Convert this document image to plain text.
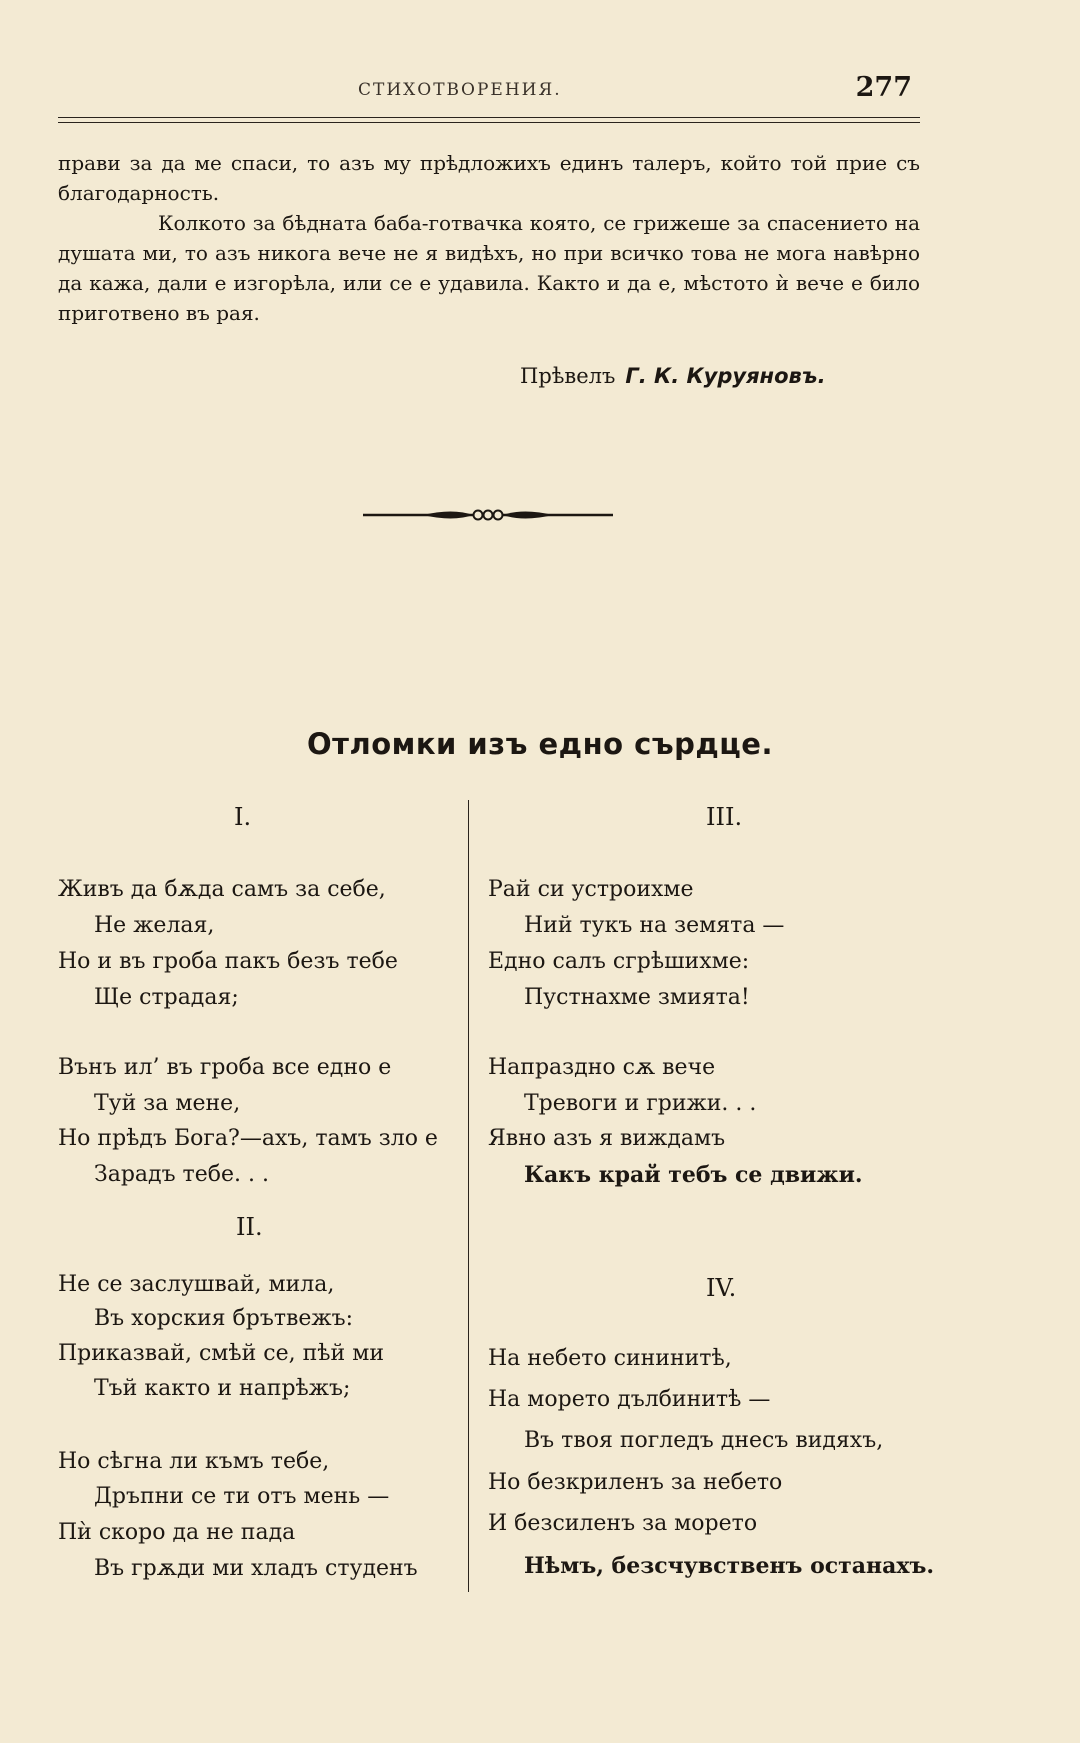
СТИХОТВОРЕНИЯ.	277

прави за да ме спаси, то азъ му прѣдложихъ единъ талеръ, който той прие съ благодарность.

Колкото за бѣдната баба-готвачка която, се грижеше за спасението на душата ми, то азъ никога вече не я видѣхъ, но при всичко това не мога навѣрно да кажа, дали е изгорѣла, или се е удавила. Както и да е, мѣстото ѝ вече е било приготвено въ рая.

Прѣвелъ Г. К. Куруяновъ.
Отломки изъ едно сърдце.
I.
Живъ да бѫда самъ за себе,
Не желая,
Но и въ гроба пакъ безъ тебе
Ще страдая;
Вънъ ил’ въ гроба все едно е
Туй за мене,
Но прѣдъ Бога?—ахъ, тамъ зло е
Зарадъ тебе. . .
II.
Не се заслушвай, мила,
Въ хорския брътвежъ:
Приказвай, смѣй се, пѣй ми
Тъй както и напрѣжъ;
Но сѣгна ли къмъ тебе,
Дръпни се ти отъ мень —
Пѝ скоро да не пада
Въ грѫди ми хладъ студенъ
III.
Рай си устроихме
Ний тукъ на земята —
Едно салъ сгрѣшихме:
Пустнахме змията!
Напраздно сѫ вече
Тревоги и грижи. . .
Явно азъ я виждамъ
Какъ край тебъ се движи.
IV.
На небето сининитѣ,
На морето дълбинитѣ —
Въ твоя погледъ днесъ видяхъ,
Но безкриленъ за небето
И безсиленъ за морето
Нѣмъ, безсчувственъ останахъ.
